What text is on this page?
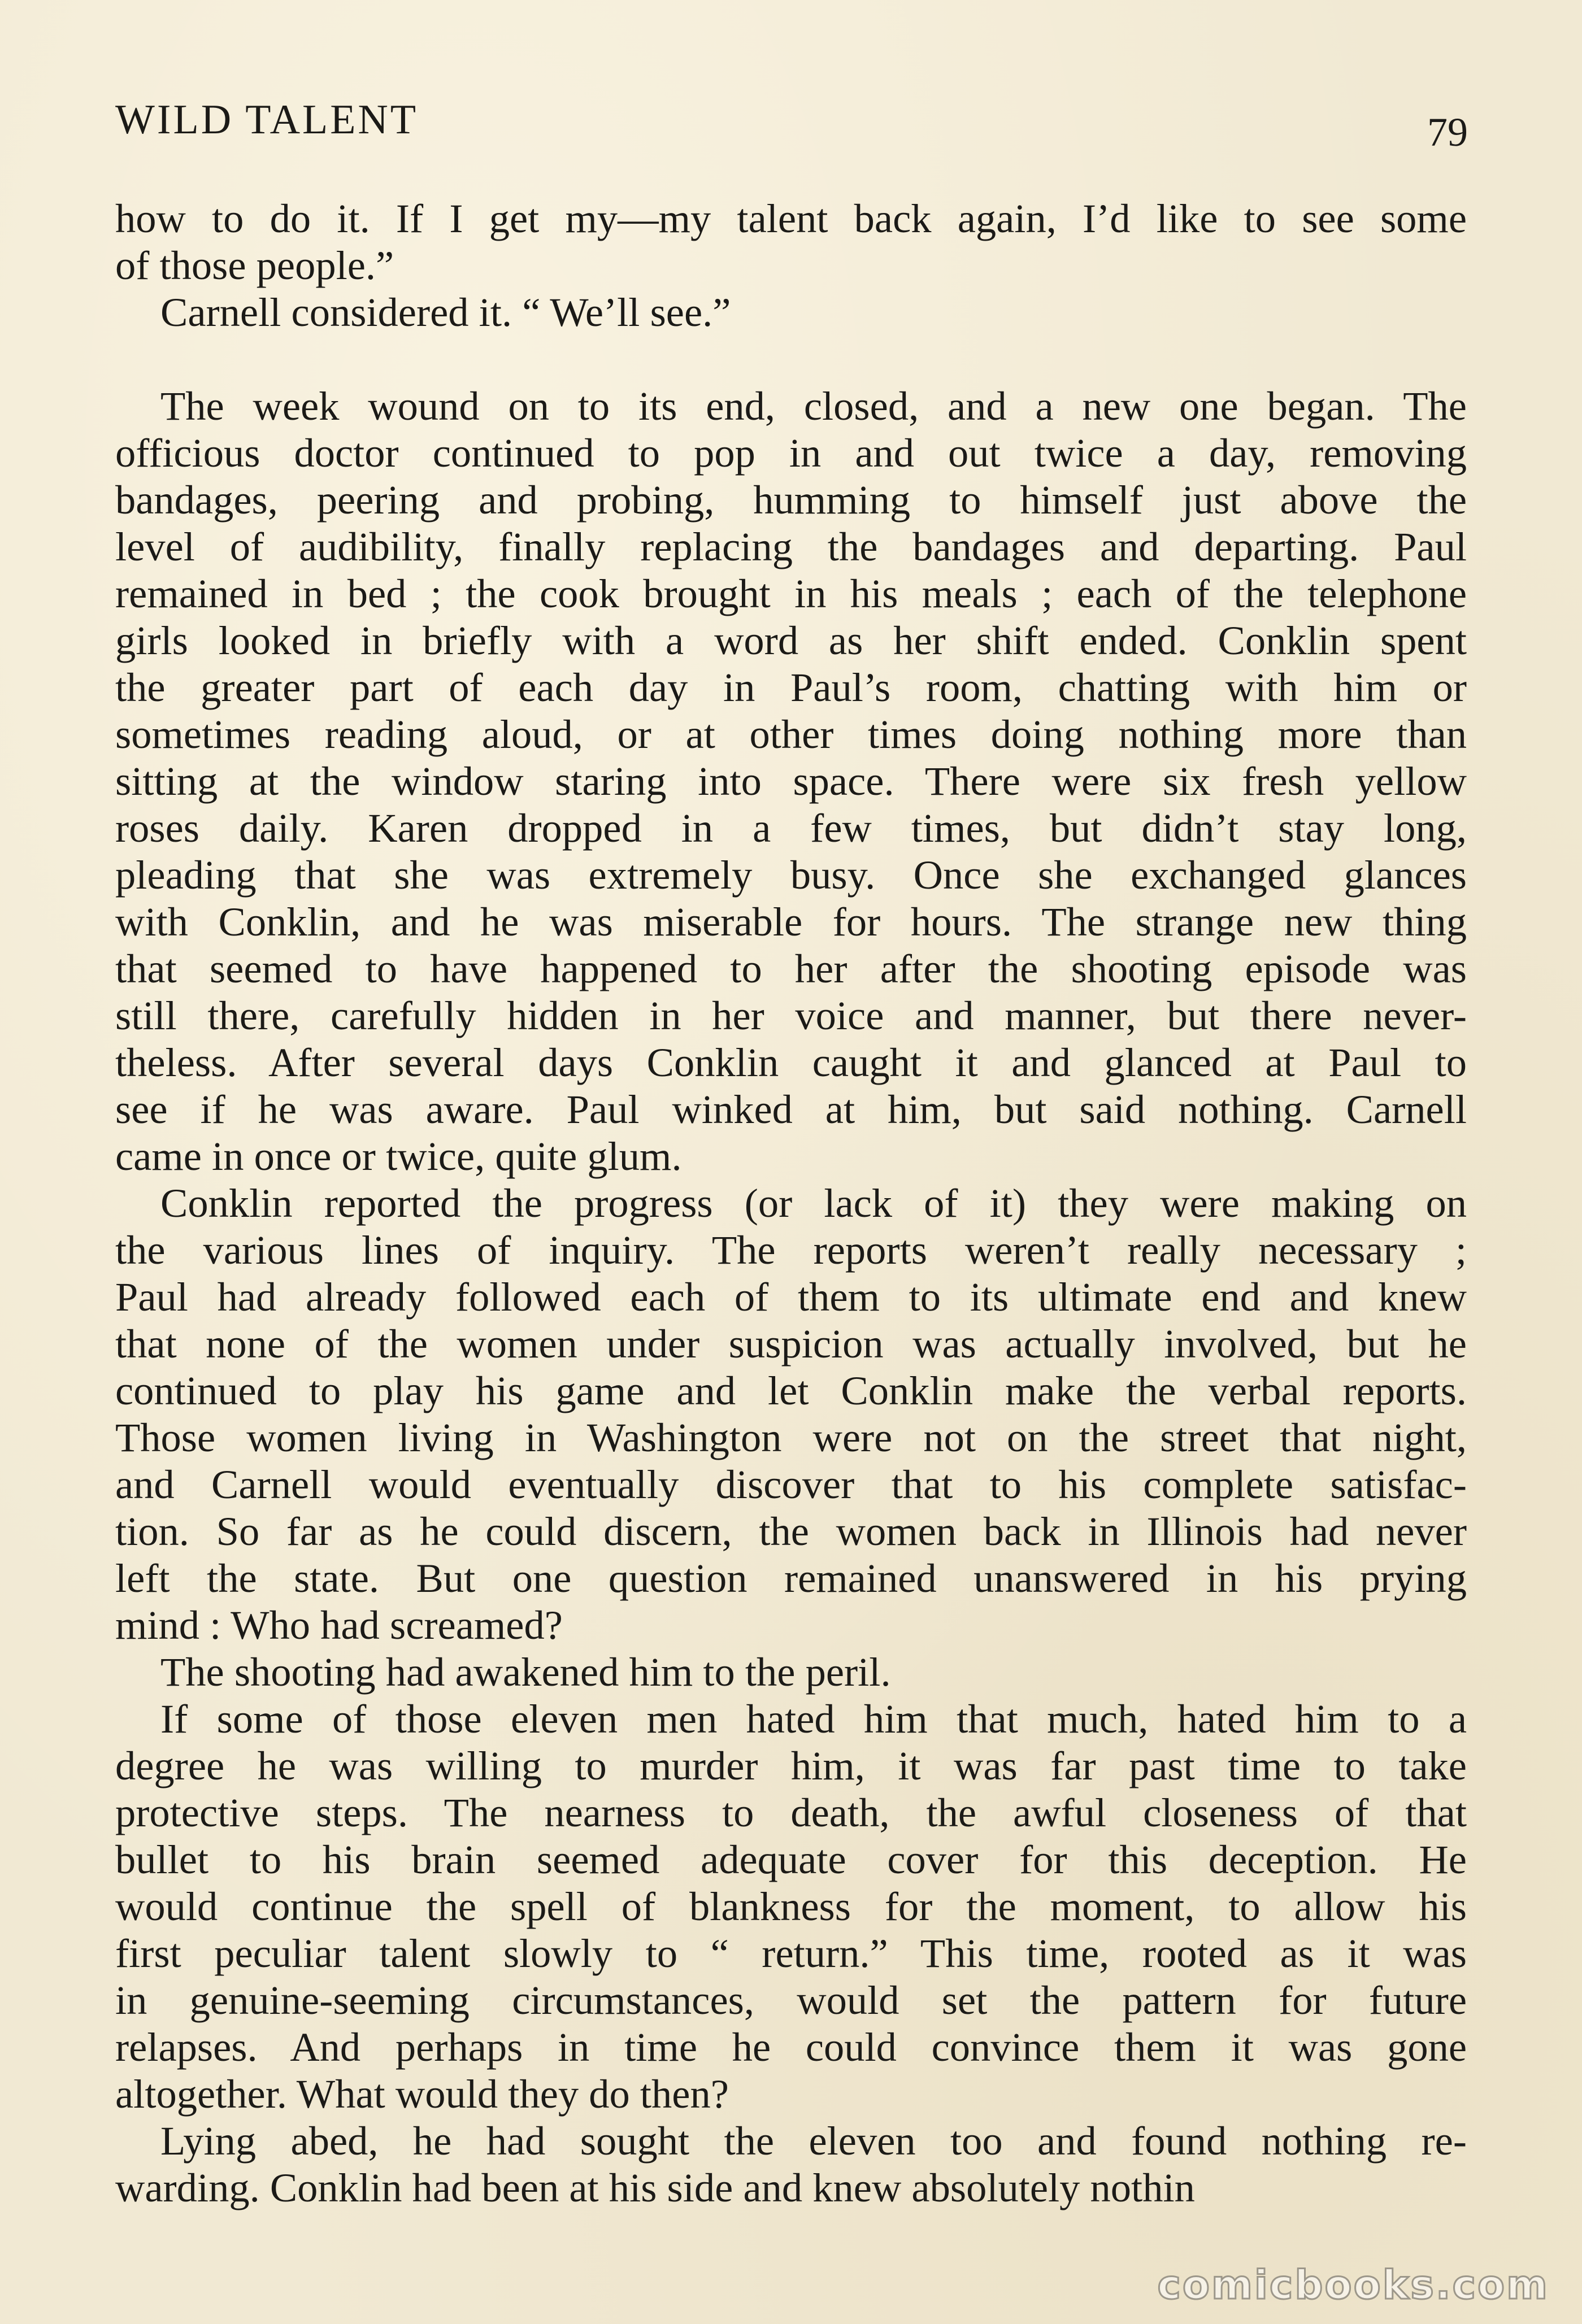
WILD TALENT	79
how to do it. If I get my—my talent back again, I’d like to see some
of those people.”
Carnell considered it. “ We’ll see.”
The week wound on to its end, closed, and a new one began. The
officious doctor continued to pop in and out twice a day, removing
bandages, peering and probing, humming to himself just above the
level of audibility, finally replacing the bandages and departing. Paul
remained in bed ; the cook brought in his meals ; each of the telephone
girls looked in briefly with a word as her shift ended. Conklin spent
the greater part of each day in Paul’s room, chatting with him or
sometimes reading aloud, or at other times doing nothing more than
sitting at the window staring into space. There were six fresh yellow
roses daily. Karen dropped in a few times, but didn’t stay long,
pleading that she was extremely busy. Once she exchanged glances
with Conklin, and he was miserable for hours. The strange new thing
that seemed to have happened to her after the shooting episode was
still there, carefully hidden in her voice and manner, but there never-
theless. After several days Conklin caught it and glanced at Paul to
see if he was aware. Paul winked at him, but said nothing. Carnell
came in once or twice, quite glum.
Conklin reported the progress (or lack of it) they were making on
the various lines of inquiry. The reports weren’t really necessary ;
Paul had already followed each of them to its ultimate end and knew
that none of the women under suspicion was actually involved, but he
continued to play his game and let Conklin make the verbal reports.
Those women living in Washington were not on the street that night,
and Carnell would eventually discover that to his complete satisfac-
tion. So far as he could discern, the women back in Illinois had never
left the state. But one question remained unanswered in his prying
mind : Who had screamed?
The shooting had awakened him to the peril.
If some of those eleven men hated him that much, hated him to a
degree he was willing to murder him, it was far past time to take
protective steps. The nearness to death, the awful closeness of that
bullet to his brain seemed adequate cover for this deception. He
would continue the spell of blankness for the moment, to allow his
first peculiar talent slowly to “ return.” This time, rooted as it was
in genuine-seeming circumstances, would set the pattern for future
relapses. And perhaps in time he could convince them it was gone
altogether. What would they do then?
Lying abed, he had sought the eleven too and found nothing re-
warding. Conklin had been at his side and knew absolutely nothin
comicbooks.com
